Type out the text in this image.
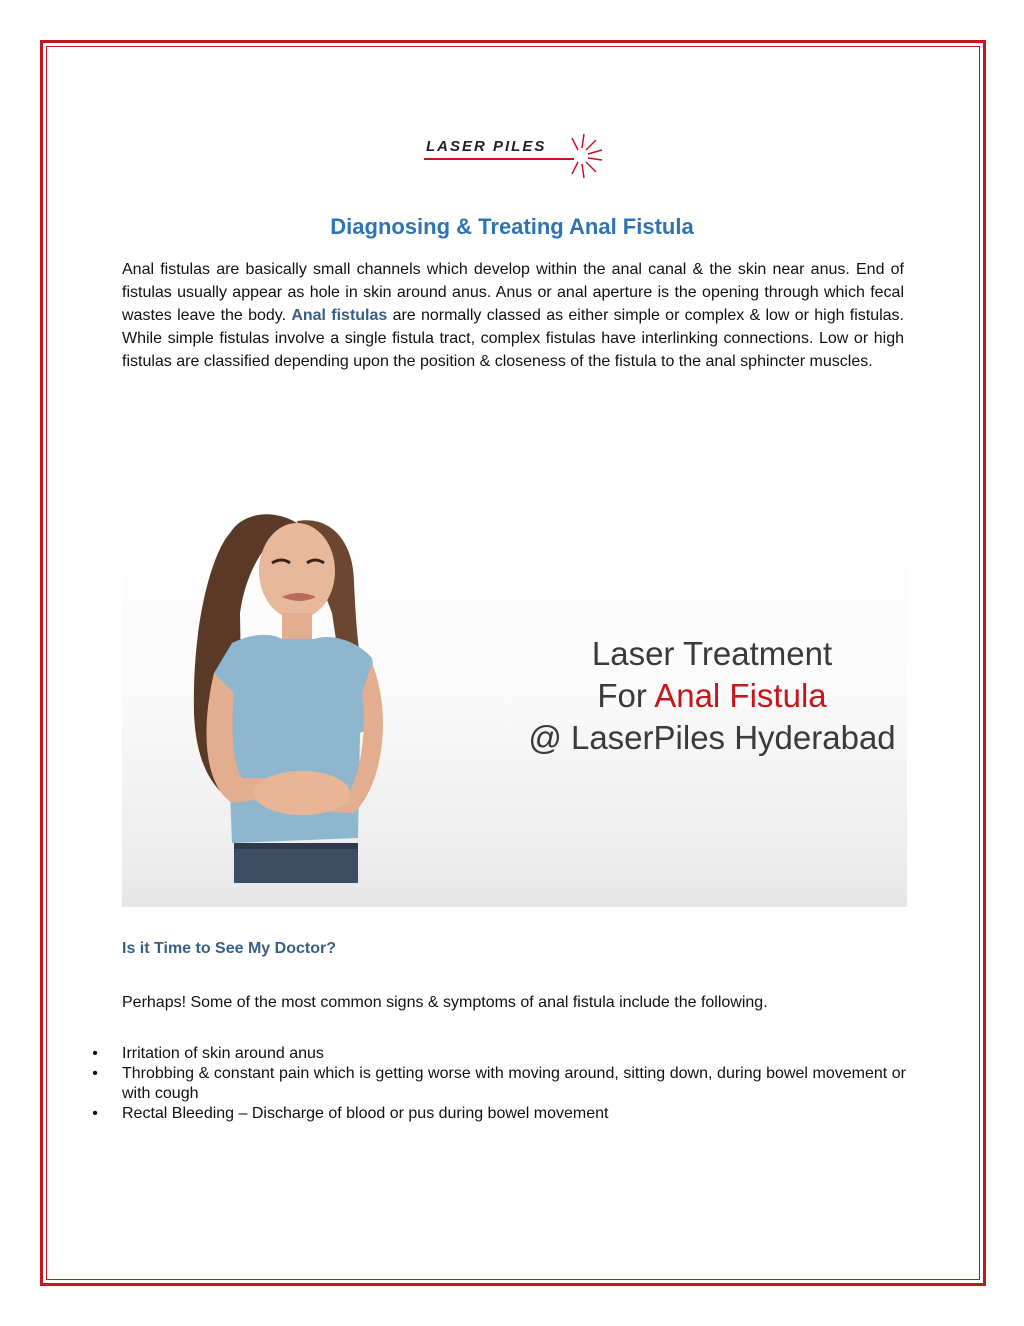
LASER PILES
Diagnosing & Treating Anal Fistula

Anal fistulas are basically small channels which develop within the anal canal & the skin near anus. End of fistulas usually appear as hole in skin around anus. Anus or anal aperture is the opening through which fecal wastes leave the body. Anal fistulas are normally classed as either simple or complex & low or high fistulas. While simple fistulas involve a single fistula tract, complex fistulas have interlinking connections. Low or high fistulas are classified depending upon the position & closeness of the fistula to the anal sphincter muscles.

Laser Treatment
For Anal Fistula
@ LaserPiles Hyderabad
Is it Time to See My Doctor?
Perhaps! Some of the most common signs & symptoms of anal fistula include the following.
• Irritation of skin around anus
• Throbbing & constant pain which is getting worse with moving around, sitting down, during bowel movement or with cough
• Rectal Bleeding – Discharge of blood or pus during bowel movement
